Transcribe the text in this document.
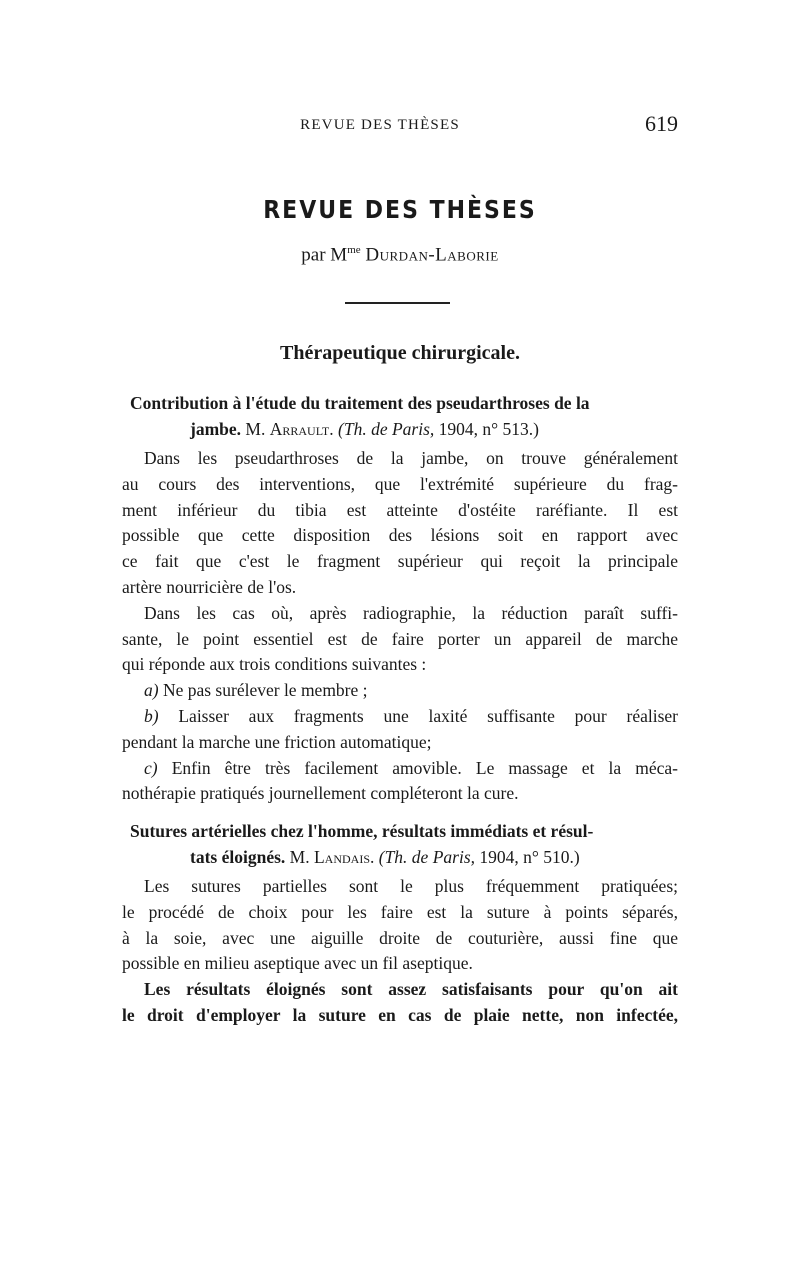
REVUE DES THÈSES	619
REVUE DES THÈSES
par $M^{me}$ Durdan-Laborie
Thérapeutique chirurgicale.
Contribution à l'étude du traitement des pseudarthroses de la
jambe. M. Arrault. (Th. de Paris, 1904, n° 513.)
Dans les pseudarthroses de la jambe, on trouve généralement
au cours des interventions, que l'extrémité supérieure du frag-
ment inférieur du tibia est atteinte d'ostéite raréfiante. Il est
possible que cette disposition des lésions soit en rapport avec
ce fait que c'est le fragment supérieur qui reçoit la principale
artère nourricière de l'os.
Dans les cas où, après radiographie, la réduction paraît suffi-
sante, le point essentiel est de faire porter un appareil de marche
qui réponde aux trois conditions suivantes :
a) Ne pas surélever le membre ;
b) Laisser aux fragments une laxité suffisante pour réaliser
pendant la marche une friction automatique;
c) Enfin être très facilement amovible. Le massage et la méca-
nothérapie pratiqués journellement compléteront la cure.
Sutures artérielles chez l'homme, résultats immédiats et résul-
tats éloignés. M. Landais. (Th. de Paris, 1904, n° 510.)
Les sutures partielles sont le plus fréquemment pratiquées;
le procédé de choix pour les faire est la suture à points séparés,
à la soie, avec une aiguille droite de couturière, aussi fine que
possible en milieu aseptique avec un fil aseptique.
Les résultats éloignés sont assez satisfaisants pour qu'on ait
le droit d'employer la suture en cas de plaie nette, non infectée,
